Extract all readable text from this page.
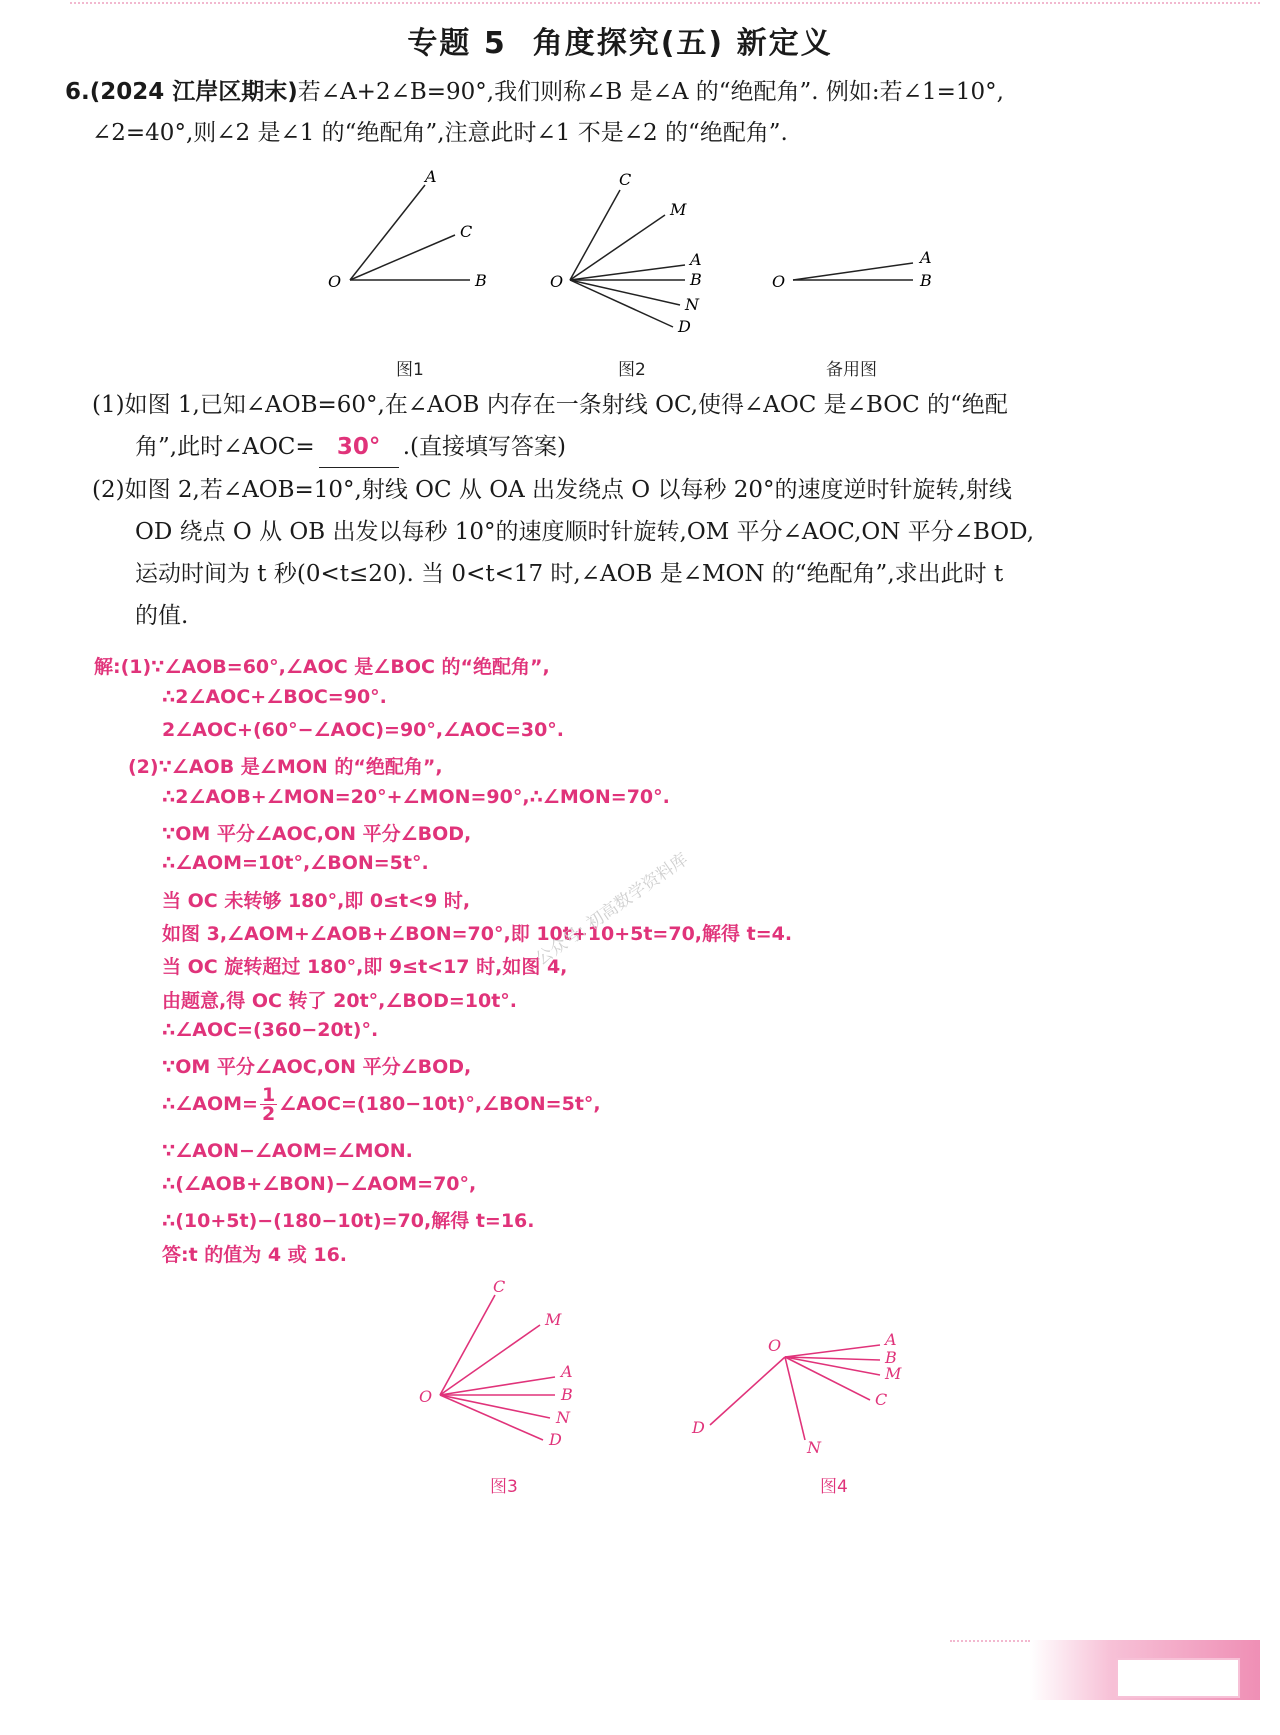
专题 5 角度探究(五) 新定义
6.(2024 江岸区期末)若∠A+2∠B=90°,我们则称∠B 是∠A 的“绝配角”. 例如:若∠1=10°,
∠2=40°,则∠2 是∠1 的“绝配角”,注意此时∠1 不是∠2 的“绝配角”.
O
A
C
B
图1
O
C
M
A
B
N
D
图2
O
A
B
备用图
(1)如图 1,已知∠AOB=60°,在∠AOB 内存在一条射线 OC,使得∠AOC 是∠BOC 的“绝配
角”,此时∠AOC= 30° .(直接填写答案)
(2)如图 2,若∠AOB=10°,射线 OC 从 OA 出发绕点 O 以每秒 20°的速度逆时针旋转,射线
OD 绕点 O 从 OB 出发以每秒 10°的速度顺时针旋转,OM 平分∠AOC,ON 平分∠BOD,
运动时间为 t 秒(0<t≤20). 当 0<t<17 时,∠AOB 是∠MON 的“绝配角”,求出此时 t
的值.
解:(1)∵∠AOB=60°,∠AOC 是∠BOC 的“绝配角”,
∴2∠AOC+∠BOC=90°.
2∠AOC+(60°−∠AOC)=90°,∠AOC=30°.
(2)∵∠AOB 是∠MON 的“绝配角”,
∴2∠AOB+∠MON=20°+∠MON=90°,∴∠MON=70°.
∵OM 平分∠AOC,ON 平分∠BOD,
∴∠AOM=10t°,∠BON=5t°.
当 OC 未转够 180°,即 0≤t<9 时,
如图 3,∠AOM+∠AOB+∠BON=70°,即 10t+10+5t=70,解得 t=4.
当 OC 旋转超过 180°,即 9≤t<17 时,如图 4,
由题意,得 OC 转了 20t°,∠BOD=10t°.
∴∠AOC=(360−20t)°.
∵OM 平分∠AOC,ON 平分∠BOD,
∴∠AOM= $\frac{1}{2}$ ∠AOC=(180−10t)°,∠BON=5t°,
∵∠AON−∠AOM=∠MON.
∴(∠AOB+∠BON)−∠AOM=70°,
∴(10+5t)−(180−10t)=70,解得 t=16.
答:t 的值为 4 或 16.
公众号: 初高数学资料库
O
C
M
A
B
N
D
图3
O	A
B
M
C
N
D
图4
